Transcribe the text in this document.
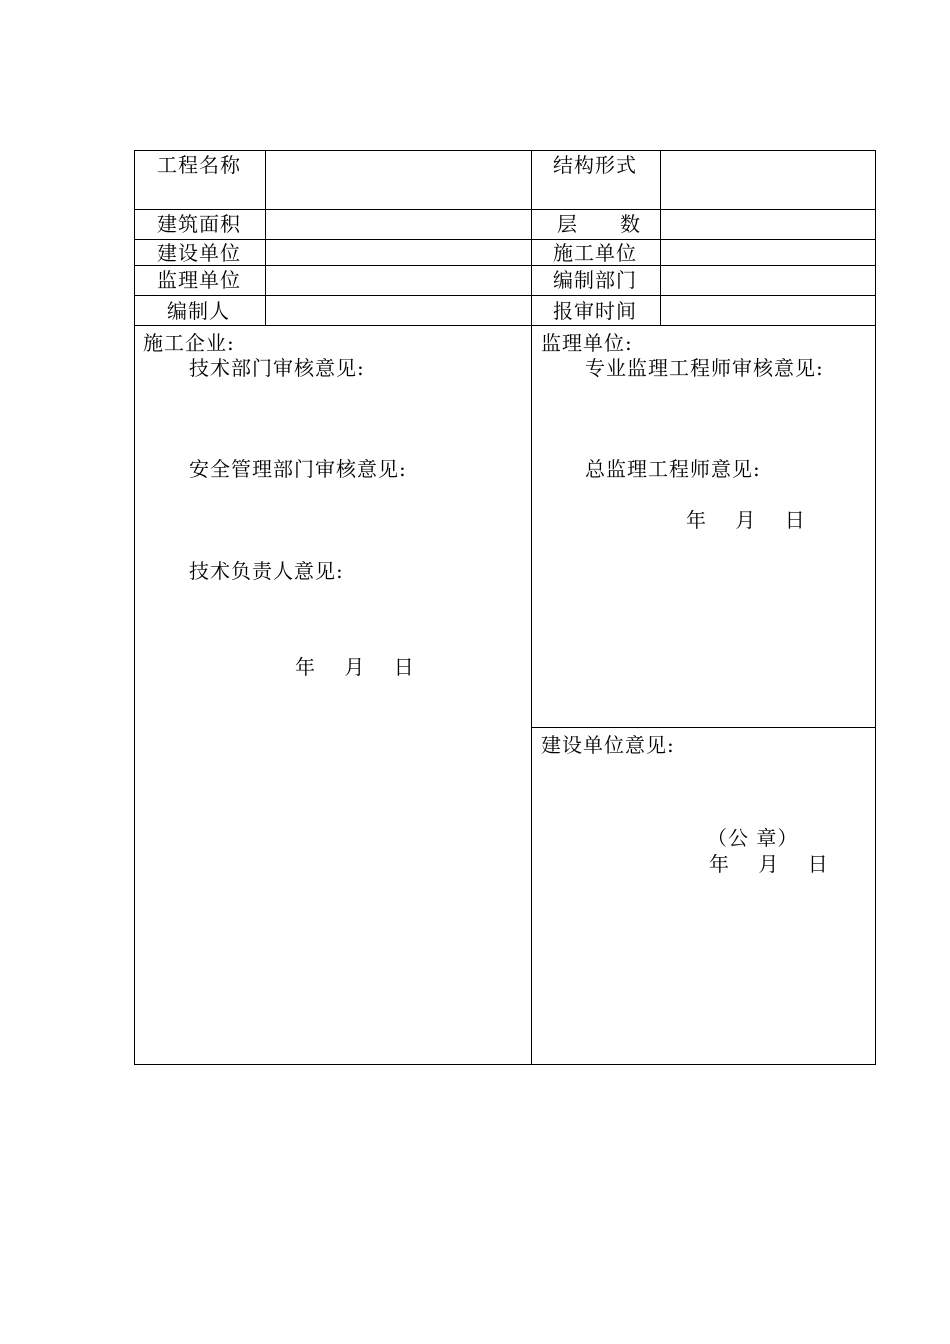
工程名称	结构形式
建筑面积	层　　数
建设单位	施工单位
监理单位	编制部门
编制人	报审时间
施工企业:
技术部门审核意见:
安全管理部门审核意见:
技术负责人意见:
年　 月　 日
监理单位:
专业监理工程师审核意见:
总监理工程师意见:
年　 月　 日
建设单位意见:
（公 章）
年　 月　 日
